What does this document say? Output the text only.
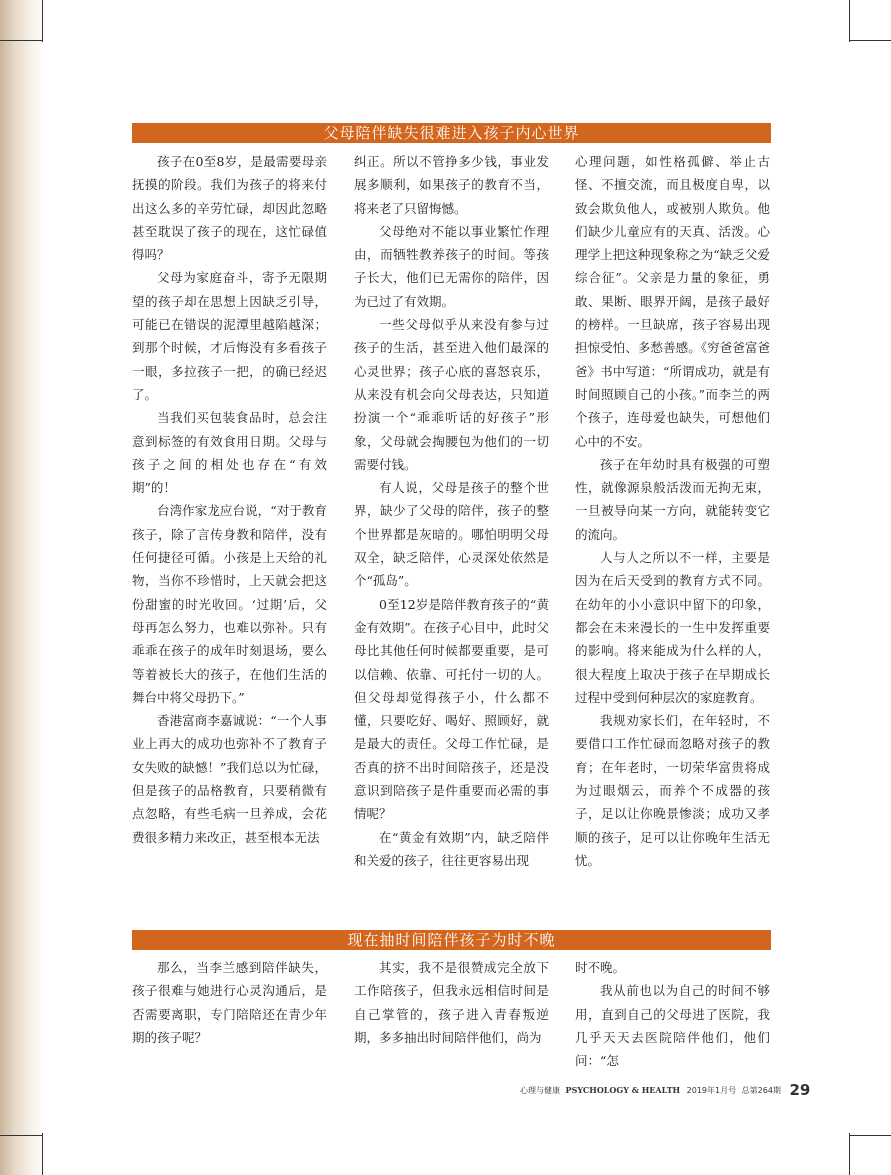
父母陪伴缺失很难进入孩子内心世界

孩子在0至8岁，是最需要母亲抚摸的阶段。我们为孩子的将来付出这么多的辛劳忙碌，却因此忽略甚至耽误了孩子的现在，这忙碌值得吗？

父母为家庭奋斗，寄予无限期望的孩子却在思想上因缺乏引导，可能已在错误的泥潭里越陷越深；到那个时候，才后悔没有多看孩子一眼，多拉孩子一把，的确已经迟了。

当我们买包装食品时，总会注意到标签的有效食用日期。父母与孩子之间的相处也存在“有效期”的！

台湾作家龙应台说，“对于教育孩子，除了言传身教和陪伴，没有任何捷径可循。小孩是上天给的礼物，当你不珍惜时，上天就会把这份甜蜜的时光收回。‘过期’后，父母再怎么努力，也难以弥补。只有乖乖在孩子的成年时刻退场，要么等着被长大的孩子，在他们生活的舞台中将父母扔下。”

香港富商李嘉诚说：“一个人事业上再大的成功也弥补不了教育子女失败的缺憾！”我们总以为忙碌，但是孩子的品格教育，只要稍微有点忽略，有些毛病一旦养成，会花费很多精力来改正，甚至根本无法

纠正。所以不管挣多少钱，事业发展多顺利，如果孩子的教育不当，将来老了只留悔憾。

父母绝对不能以事业繁忙作理由，而牺牲教养孩子的时间。等孩子长大，他们已无需你的陪伴，因为已过了有效期。

一些父母似乎从来没有参与过孩子的生活，甚至进入他们最深的心灵世界；孩子心底的喜怒哀乐，从来没有机会向父母表达，只知道扮演一个“乖乖听话的好孩子”形象，父母就会掏腰包为他们的一切需要付钱。

有人说，父母是孩子的整个世界，缺少了父母的陪伴，孩子的整个世界都是灰暗的。哪怕明明父母双全，缺乏陪伴，心灵深处依然是个“孤岛”。

0至12岁是陪伴教育孩子的“黄金有效期”。在孩子心目中，此时父母比其他任何时候都要重要，是可以信赖、依靠、可托付一切的人。但父母却觉得孩子小，什么都不懂，只要吃好、喝好、照顾好，就是最大的责任。父母工作忙碌，是否真的挤不出时间陪孩子，还是没意识到陪孩子是件重要而必需的事情呢？

在“黄金有效期”内，缺乏陪伴和关爱的孩子，往往更容易出现

心理问题，如性格孤僻、举止古怪、不擅交流，而且极度自卑，以致会欺负他人，或被别人欺负。他们缺少儿童应有的天真、活泼。心理学上把这种现象称之为“缺乏父爱综合征”。父亲是力量的象征，勇敢、果断、眼界开阔，是孩子最好的榜样。一旦缺席，孩子容易出现担惊受怕、多愁善感。《穷爸爸富爸爸》书中写道：“所谓成功，就是有时间照顾自己的小孩。”而李兰的两个孩子，连母爱也缺失，可想他们心中的不安。

孩子在年幼时具有极强的可塑性，就像源泉般活泼而无拘无束，一旦被导向某一方向，就能转变它的流向。

人与人之所以不一样，主要是因为在后天受到的教育方式不同。在幼年的小小意识中留下的印象，都会在未来漫长的一生中发挥重要的影响。将来能成为什么样的人，很大程度上取决于孩子在早期成长过程中受到何种层次的家庭教育。

我规劝家长们，在年轻时，不要借口工作忙碌而忽略对孩子的教育；在年老时，一切荣华富贵将成为过眼烟云，而养个不成器的孩子，足以让你晚景惨淡；成功又孝顺的孩子，足可以让你晚年生活无忧。

现在抽时间陪伴孩子为时不晚

那么，当李兰感到陪伴缺失，孩子很难与她进行心灵沟通后，是否需要离职，专门陪陪还在青少年期的孩子呢？

其实，我不是很赞成完全放下工作陪孩子，但我永远相信时间是自己掌管的，孩子进入青春叛逆期，多多抽出时间陪伴他们，尚为

时不晚。

我从前也以为自己的时间不够用，直到自己的父母进了医院，我几乎天天去医院陪伴他们，他们问：“怎

心理与健康 PSYCHOLOGY & HEALTH 2019年1月号 总第264期 29
